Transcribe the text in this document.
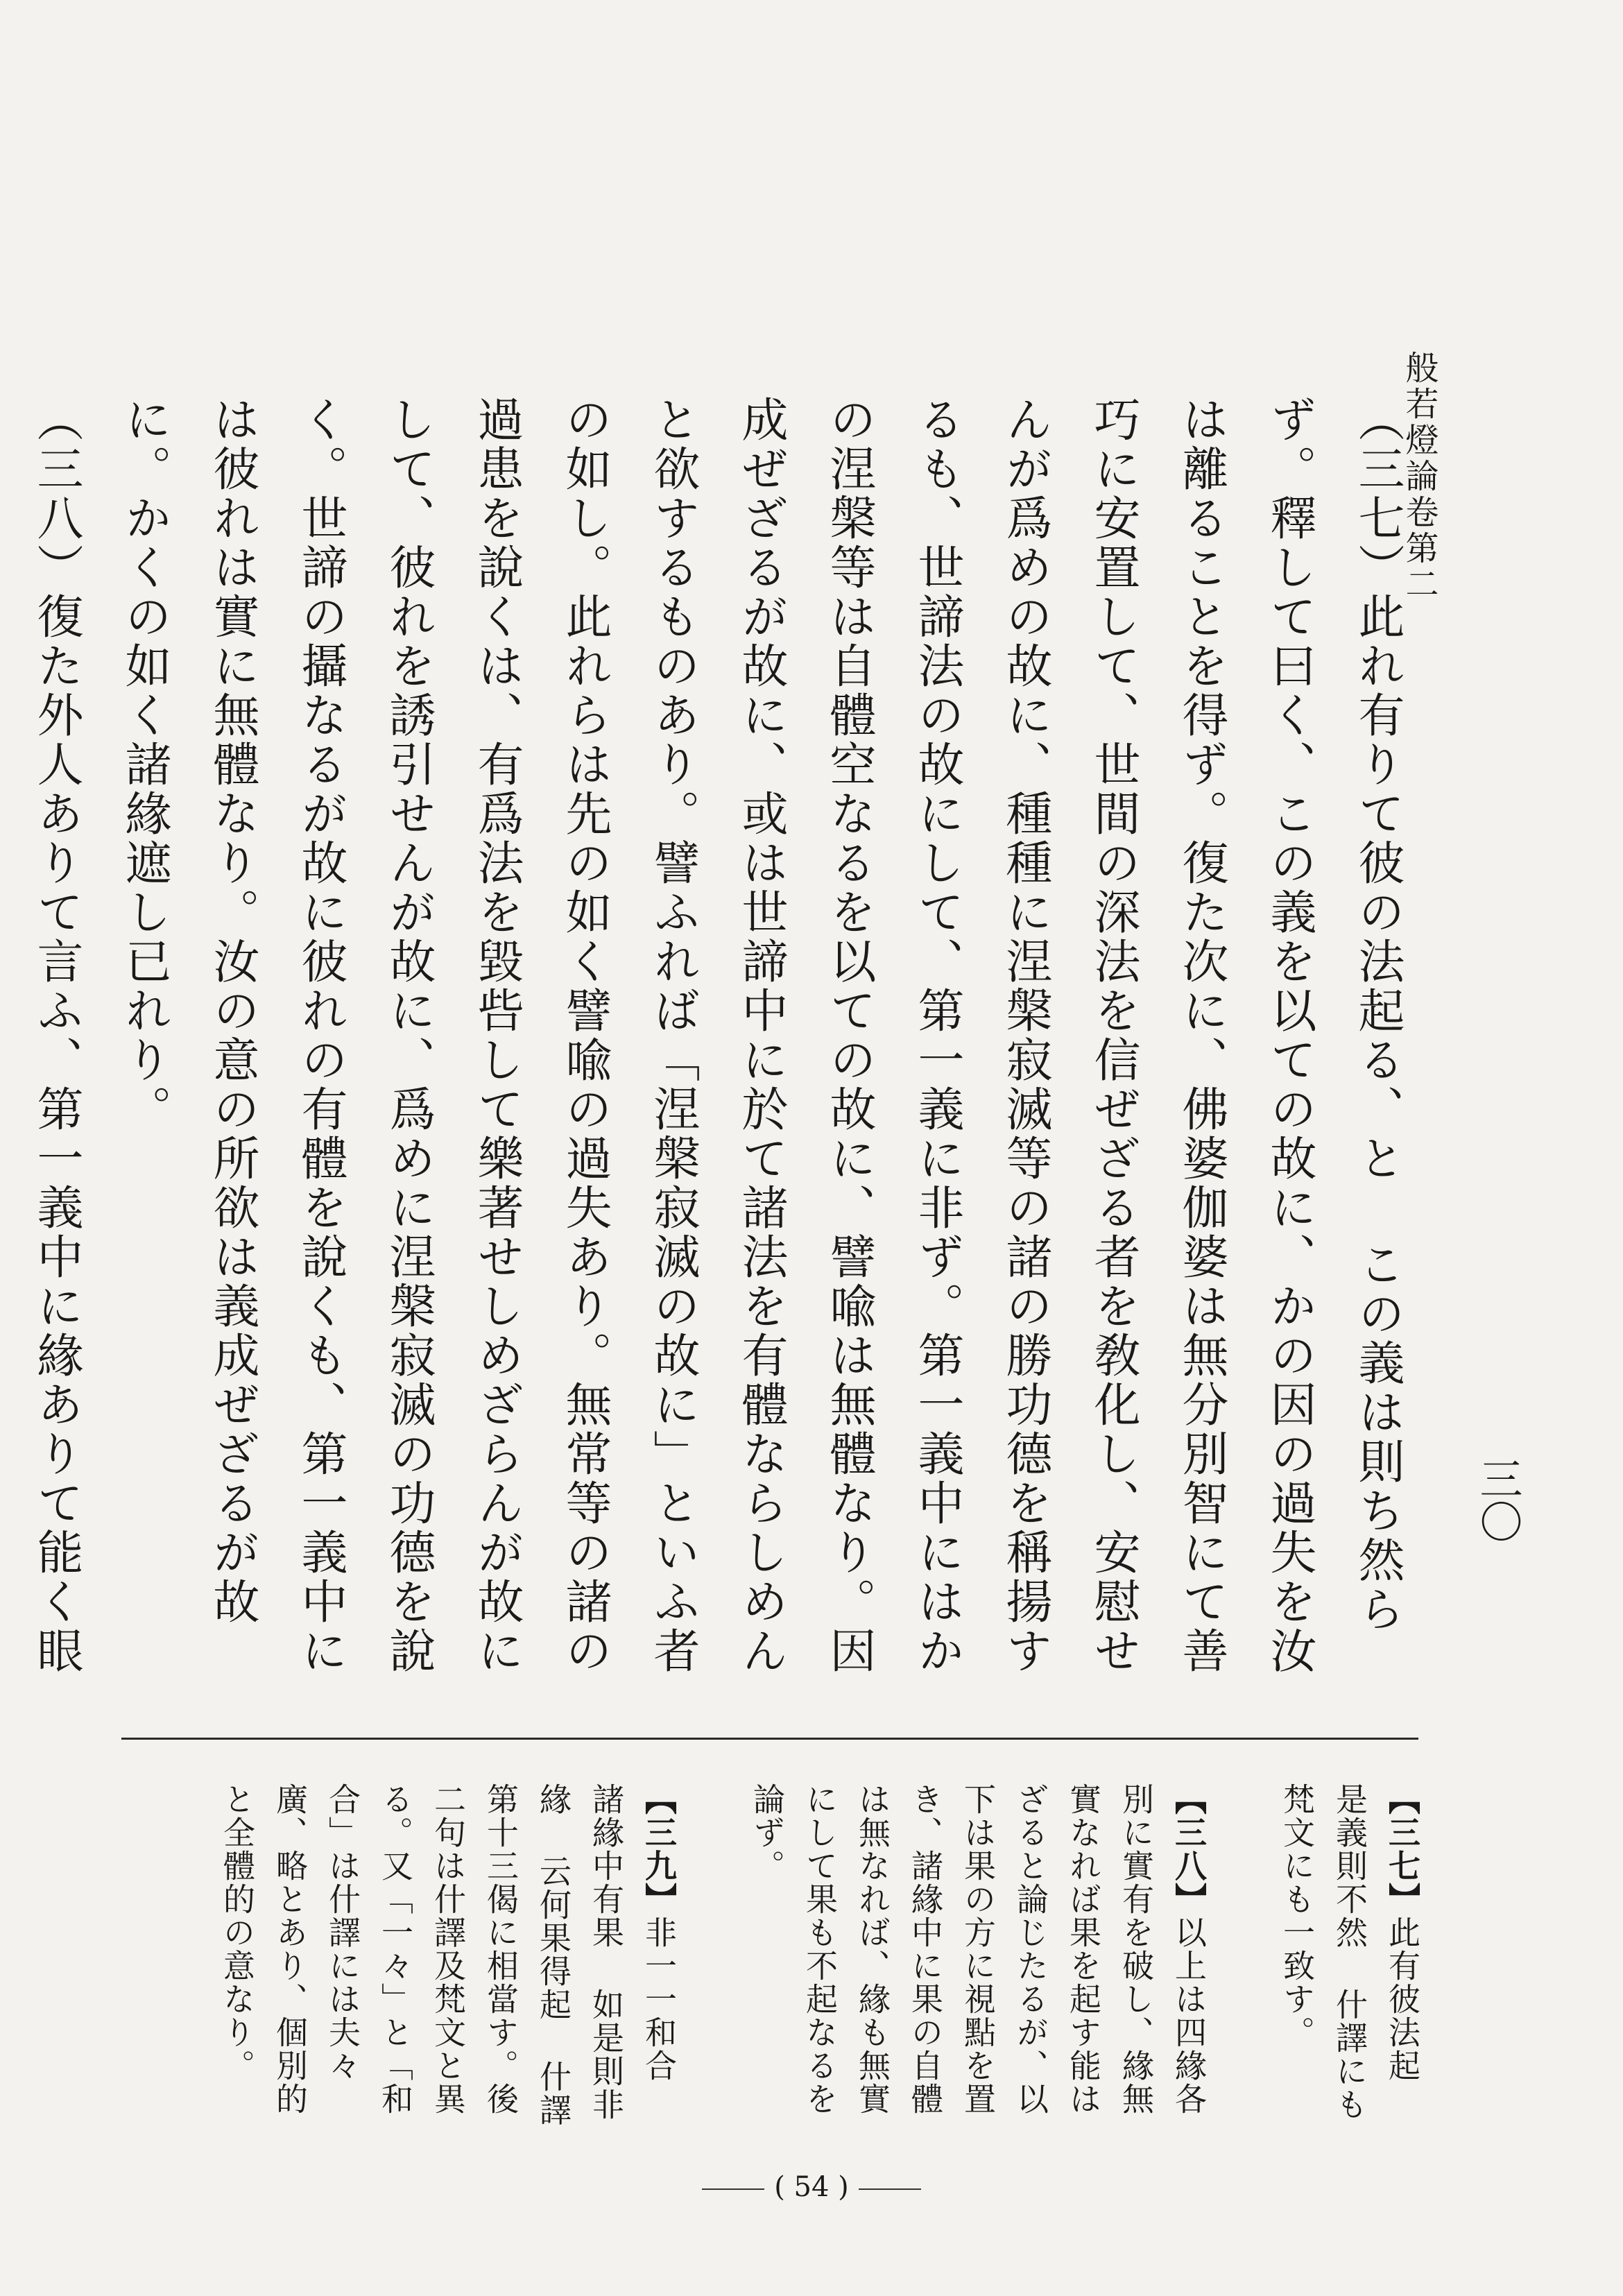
般若燈論卷第二
三〇

（三七）此れ有りて彼の法起る、と この義は則ち然らず。釋して曰く、この義を以ての故に、かの因の過失を汝は離ることを得ず。復た次に、佛婆伽婆は無分別智にて善巧に安置して、世間の深法を信ぜざる者を敎化し、安慰せんが爲めの故に、種種に涅槃寂滅等の諸の勝功德を稱揚するも、世諦法の故にして、第一義に非ず。第一義中にはかの涅槃等は自體空なるを以ての故に、譬喩は無體なり。因成ぜざるが故に、或は世諦中に於て諸法を有體ならしめんと欲するものあり。譬ふれば「涅槃寂滅の故に」といふ者の如し。此れらは先の如く譬喩の過失あり。無常等の諸の過患を說くは、有爲法を毀呰して樂著せしめざらんが故にして、彼れを誘引せんが故に、爲めに涅槃寂滅の功德を說く。世諦の攝なるが故に彼れの有體を說くも、第一義中には彼れは實に無體なり。汝の意の所欲は義成ぜざるが故に。かくの如く諸緣遮し已れり。

（三八）復た外人ありて言ふ、第一義中に緣ありて能く眼

【三七】此有彼法起 是義則不然 什譯にも梵文にも一致す。

【三八】以上は四緣各別に實有を破し、緣無實なれば果を起す能はざると論じたるが、以下は果の方に視點を置き、諸緣中に果の自體は無なれば、緣も無實にして果も不起なるを論ず。

【三九】非一一和合 諸緣中有果 如是則非緣 云何果得起 什譯第十三偈に相當す。後二句は什譯及梵文と異る。又「一々」と「和合」は什譯には夫々廣、略とあり、個別的と全體的の意なり。

( 54 )
